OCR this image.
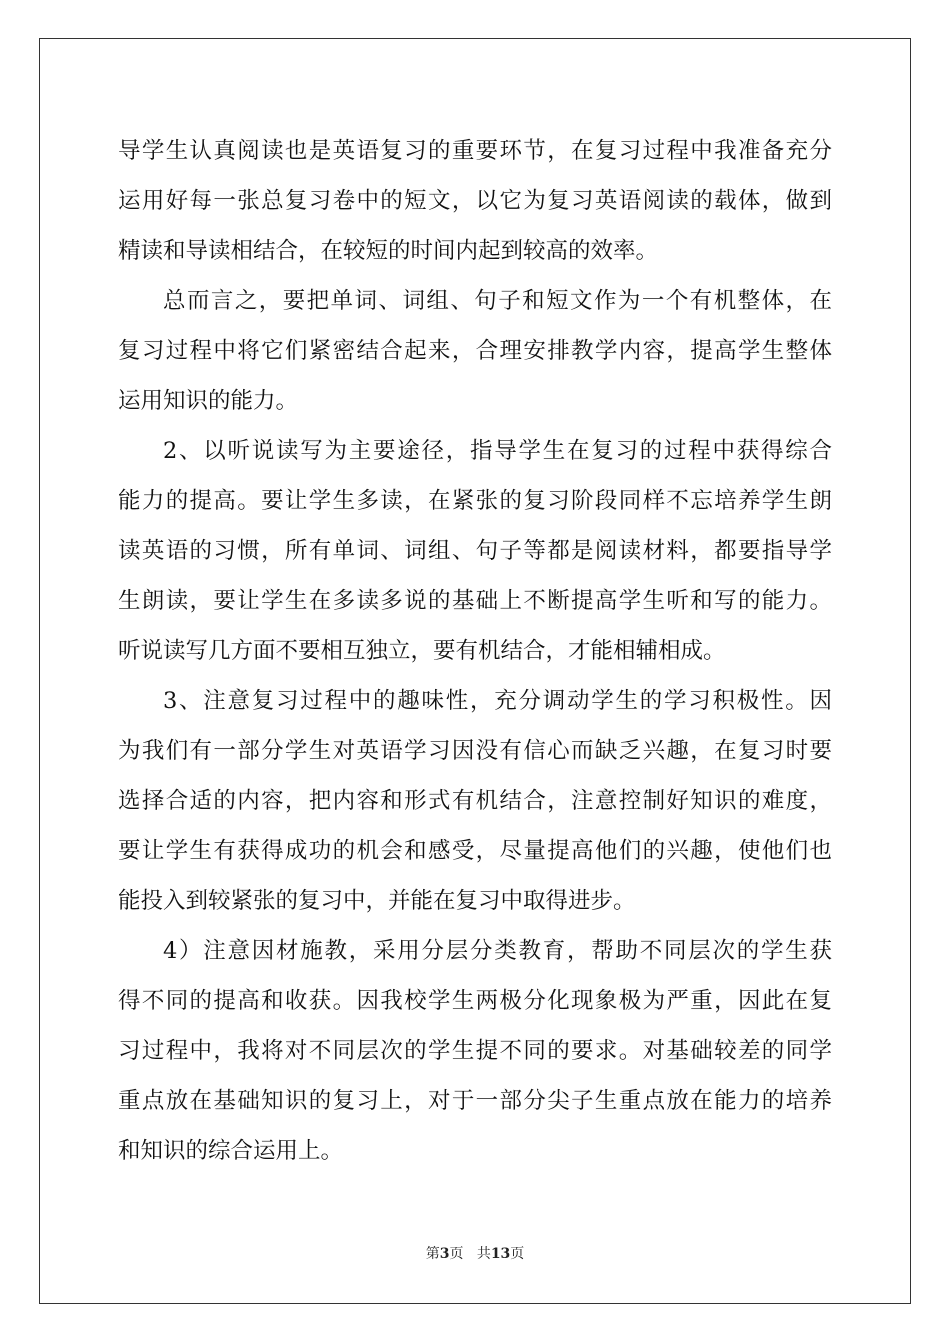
导学生认真阅读也是英语复习的重要环节，在复习过程中我准备充分
运用好每一张总复习卷中的短文，以它为复习英语阅读的载体，做到
精读和导读相结合，在较短的时间内起到较高的效率。
总而言之，要把单词、词组、句子和短文作为一个有机整体，在
复习过程中将它们紧密结合起来，合理安排教学内容，提高学生整体
运用知识的能力。
2、以听说读写为主要途径，指导学生在复习的过程中获得综合
能力的提高。要让学生多读，在紧张的复习阶段同样不忘培养学生朗
读英语的习惯，所有单词、词组、句子等都是阅读材料，都要指导学
生朗读，要让学生在多读多说的基础上不断提高学生听和写的能力。
听说读写几方面不要相互独立，要有机结合，才能相辅相成。
3、注意复习过程中的趣味性，充分调动学生的学习积极性。因
为我们有一部分学生对英语学习因没有信心而缺乏兴趣，在复习时要
选择合适的内容，把内容和形式有机结合，注意控制好知识的难度，
要让学生有获得成功的机会和感受，尽量提高他们的兴趣，使他们也
能投入到较紧张的复习中，并能在复习中取得进步。
4）注意因材施教，采用分层分类教育，帮助不同层次的学生获
得不同的提高和收获。因我校学生两极分化现象极为严重，因此在复
习过程中，我将对不同层次的学生提不同的要求。对基础较差的同学
重点放在基础知识的复习上，对于一部分尖子生重点放在能力的培养
和知识的综合运用上。
第3页 共13页
